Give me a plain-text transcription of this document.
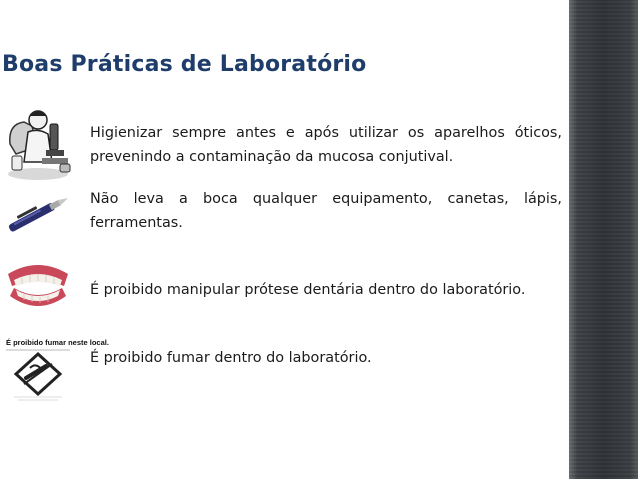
Boas Práticas de Laboratório
Higienizar sempre antes e após utilizar os aparelhos óticos, prevenindo a contaminação da mucosa conjutival.
Não leva a boca qualquer equipamento, canetas, lápis, ferramentas.
É proibido manipular prótese dentária dentro do laboratório.
É proibido fumar neste local.
É proibido fumar dentro do laboratório.
